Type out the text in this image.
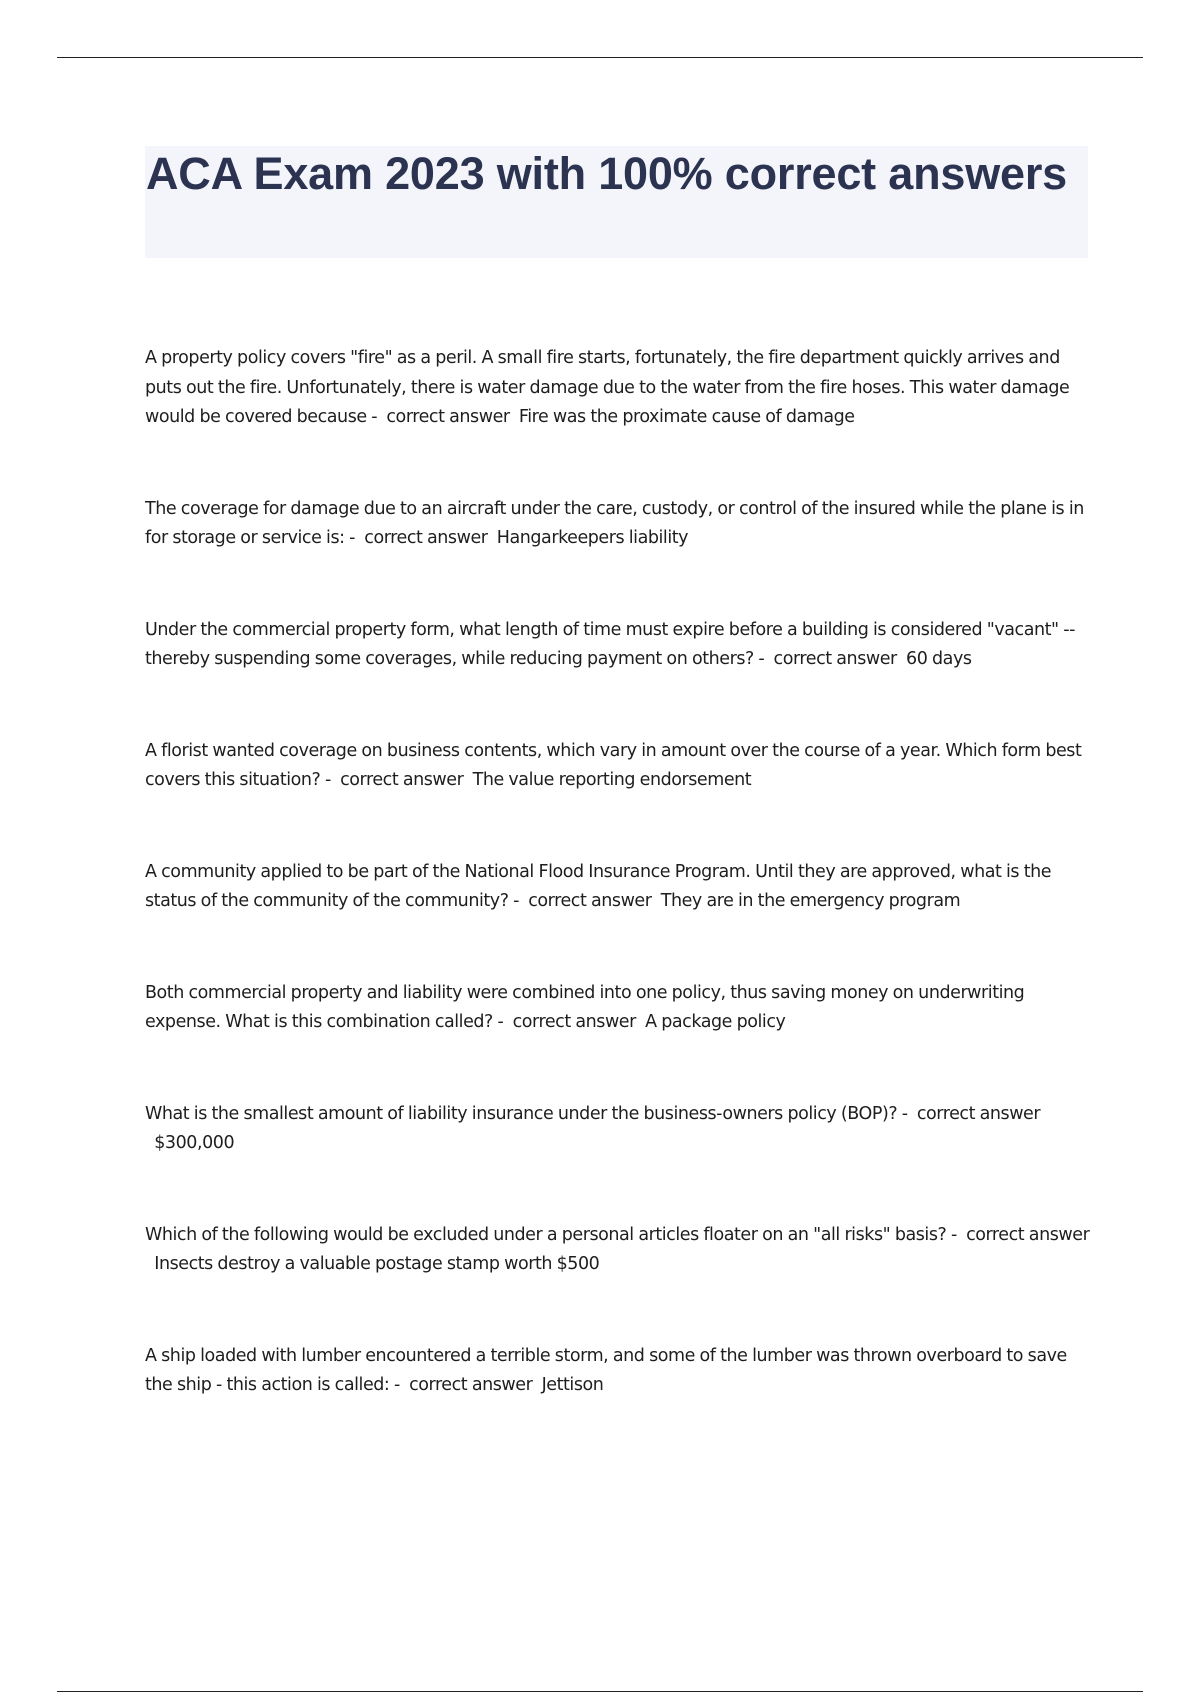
ACA Exam 2023 with 100% correct answers
A property policy covers "fire" as a peril. A small fire starts, fortunately, the fire department quickly arrives and puts out the fire. Unfortunately, there is water damage due to the water from the fire hoses. This water damage would be covered because - correct answer Fire was the proximate cause of damage
The coverage for damage due to an aircraft under the care, custody, or control of the insured while the plane is in for storage or service is: - correct answer Hangarkeepers liability
Under the commercial property form, what length of time must expire before a building is considered "vacant" -- thereby suspending some coverages, while reducing payment on others? - correct answer 60 days
A florist wanted coverage on business contents, which vary in amount over the course of a year. Which form best covers this situation? - correct answer The value reporting endorsement
A community applied to be part of the National Flood Insurance Program. Until they are approved, what is the status of the community of the community? - correct answer They are in the emergency program
Both commercial property and liability were combined into one policy, thus saving money on underwriting expense. What is this combination called? - correct answer A package policy
What is the smallest amount of liability insurance under the business-owners policy (BOP)? - correct answer  $300,000
Which of the following would be excluded under a personal articles floater on an "all risks" basis? - correct answer  Insects destroy a valuable postage stamp worth $500
A ship loaded with lumber encountered a terrible storm, and some of the lumber was thrown overboard to save the ship - this action is called: - correct answer Jettison
